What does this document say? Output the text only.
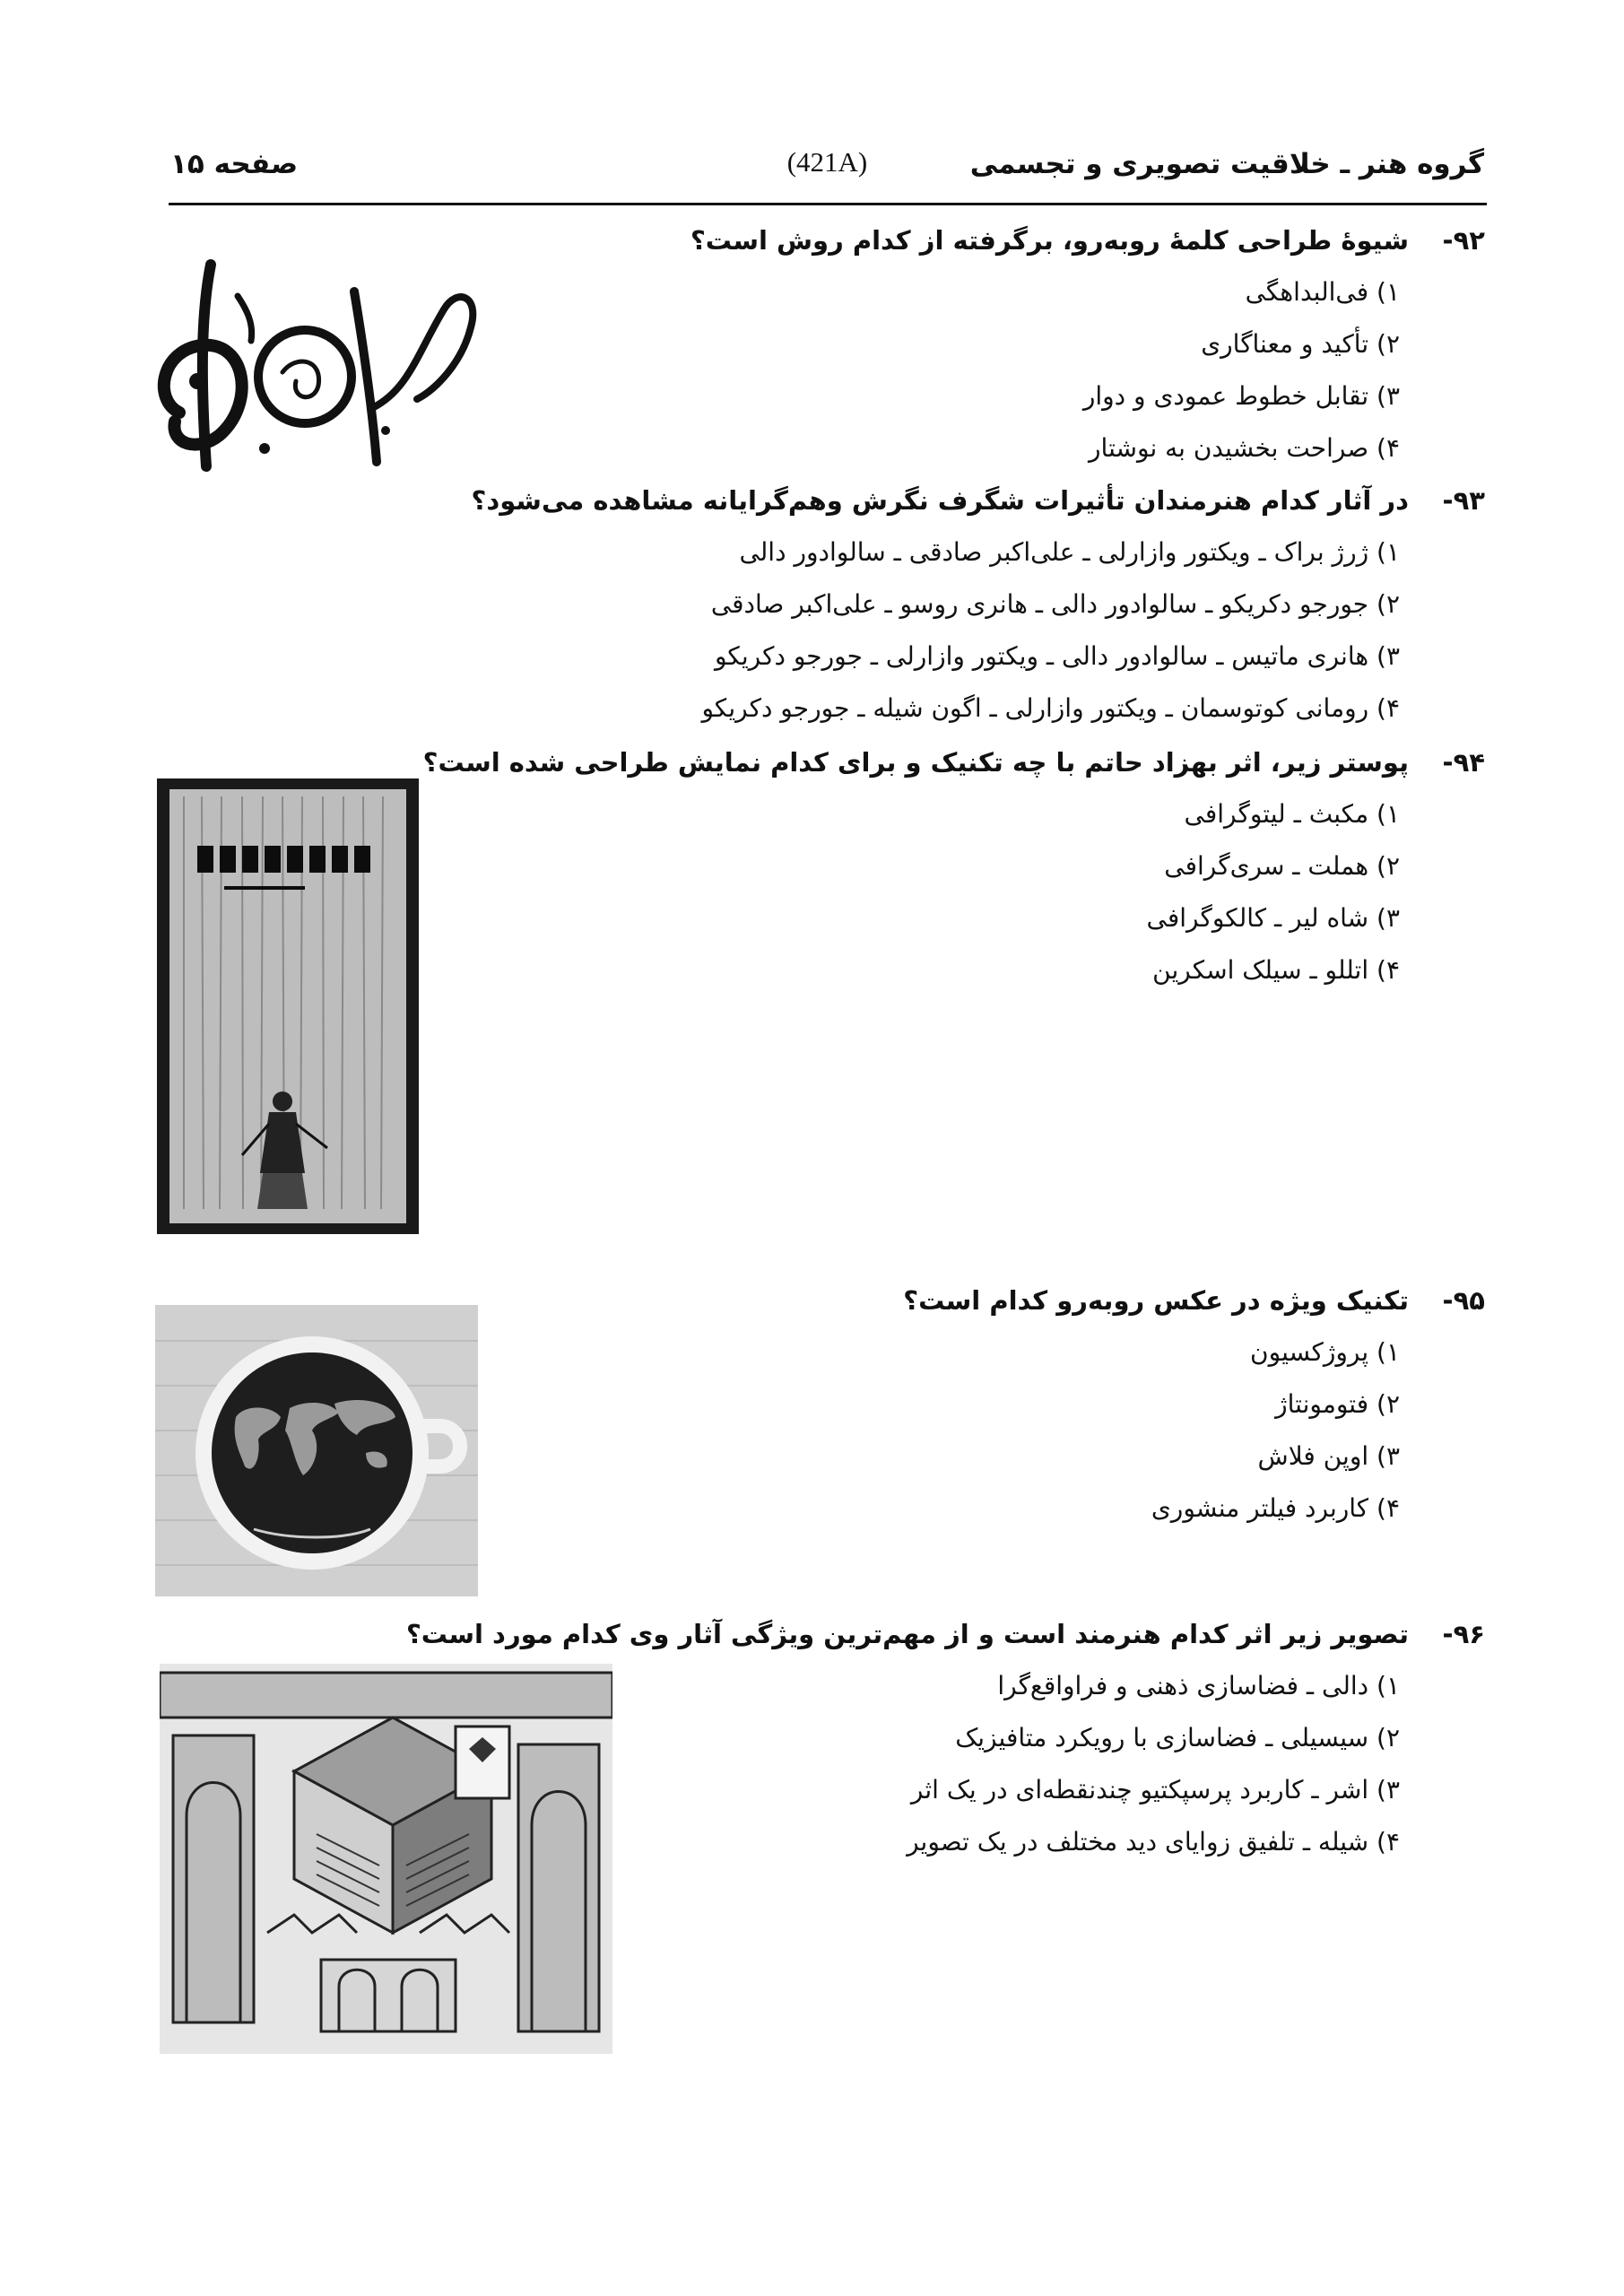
گروه هنر ـ خلاقیت تصویری و تجسمی
(421A)
صفحه ۱۵
۹۲-شیوهٔ طراحی کلمهٔ روبه‌رو، برگرفته از کدام روش است؟
۱) فی‌البداهگی
۲) تأکید و معناگاری
۳) تقابل خطوط عمودی و دوار
۴) صراحت بخشیدن به نوشتار
۹۳-در آثار کدام هنرمندان تأثیرات شگرف نگرش وهم‌گرایانه مشاهده می‌شود؟
۱) ژرژ براک ـ ویکتور وازارلی ـ علی‌اکبر صادقی ـ سالوادور دالی
۲) جورجو دکریکو ـ سالوادور دالی ـ هانری روسو ـ علی‌اکبر صادقی
۳) هانری ماتیس ـ سالوادور دالی ـ ویکتور وازارلی ـ جورجو دکریکو
۴) رومانی کوتوسمان ـ ویکتور وازارلی ـ اگون شیله ـ جورجو دکریکو
۹۴-پوستر زیر، اثر بهزاد حاتم با چه تکنیک و برای کدام نمایش طراحی شده است؟
۱) مکبث ـ لیتوگرافی
۲) هملت ـ سری‌گرافی
۳) شاه لیر ـ کالکوگرافی
۴) اتللو ـ سیلک اسکرین
۹۵-تکنیک ویژه در عکس روبه‌رو کدام است؟
۱) پروژکسیون
۲) فتومونتاژ
۳) اوپن فلاش
۴) کاربرد فیلتر منشوری
۹۶-تصویر زیر اثر کدام هنرمند است و از مهم‌ترین ویژگی آثار وی کدام مورد است؟
۱) دالی ـ فضاسازی ذهنی و فراواقع‌گرا
۲) سیسیلی ـ فضاسازی با رویکرد متافیزیک
۳) اشر ـ کاربرد پرسپکتیو چندنقطه‌ای در یک اثر
۴) شیله ـ تلفیق زوایای دید مختلف در یک تصویر
